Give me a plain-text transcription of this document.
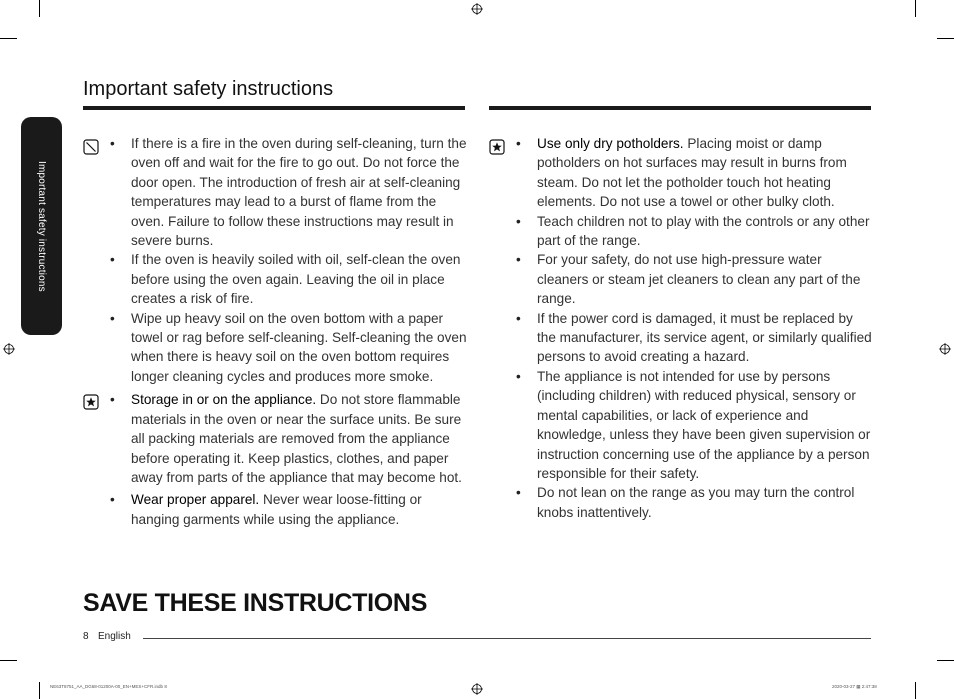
Important safety instructions
Important safety instructions
• If there is a fire in the oven during self-cleaning, turn the oven off and wait for the fire to go out. Do not force the door open. The introduction of fresh air at self-cleaning temperatures may lead to a burst of flame from the oven. Failure to follow these instructions may result in severe burns.
• If the oven is heavily soiled with oil, self-clean the oven before using the oven again. Leaving the oil in place creates a risk of fire.
• Wipe up heavy soil on the oven bottom with a paper towel or rag before self-cleaning. Self-cleaning the oven when there is heavy soil on the oven bottom requires longer cleaning cycles and produces more smoke.
• Storage in or on the appliance. Do not store flammable materials in the oven or near the surface units. Be sure all packing materials are removed from the appliance before operating it. Keep plastics, clothes, and paper away from parts of the appliance that may become hot.
• Wear proper apparel. Never wear loose-fitting or hanging garments while using the appliance.
• Use only dry potholders. Placing moist or damp potholders on hot surfaces may result in burns from steam. Do not let the potholder touch hot heating elements. Do not use a towel or other bulky cloth.
• Teach children not to play with the controls or any other part of the range.
• For your safety, do not use high-pressure water cleaners or steam jet cleaners to clean any part of the range.
• If the power cord is damaged, it must be replaced by the manufacturer, its service agent, or similarly qualified persons to avoid creating a hazard.
• The appliance is not intended for use by persons (including children) with reduced physical, sensory or mental capabilities, or lack of experience and knowledge, unless they have been given supervision or instruction concerning use of the appliance by a person responsible for their safety.
• Do not lean on the range as you may turn the control knobs inattentively.
SAVE THESE INSTRUCTIONS
8 English
NE63T8751_AA_DG68-01200A-00_EN+MES+CFR.indb 8	2020-03-27 ▦ 2:47:38
